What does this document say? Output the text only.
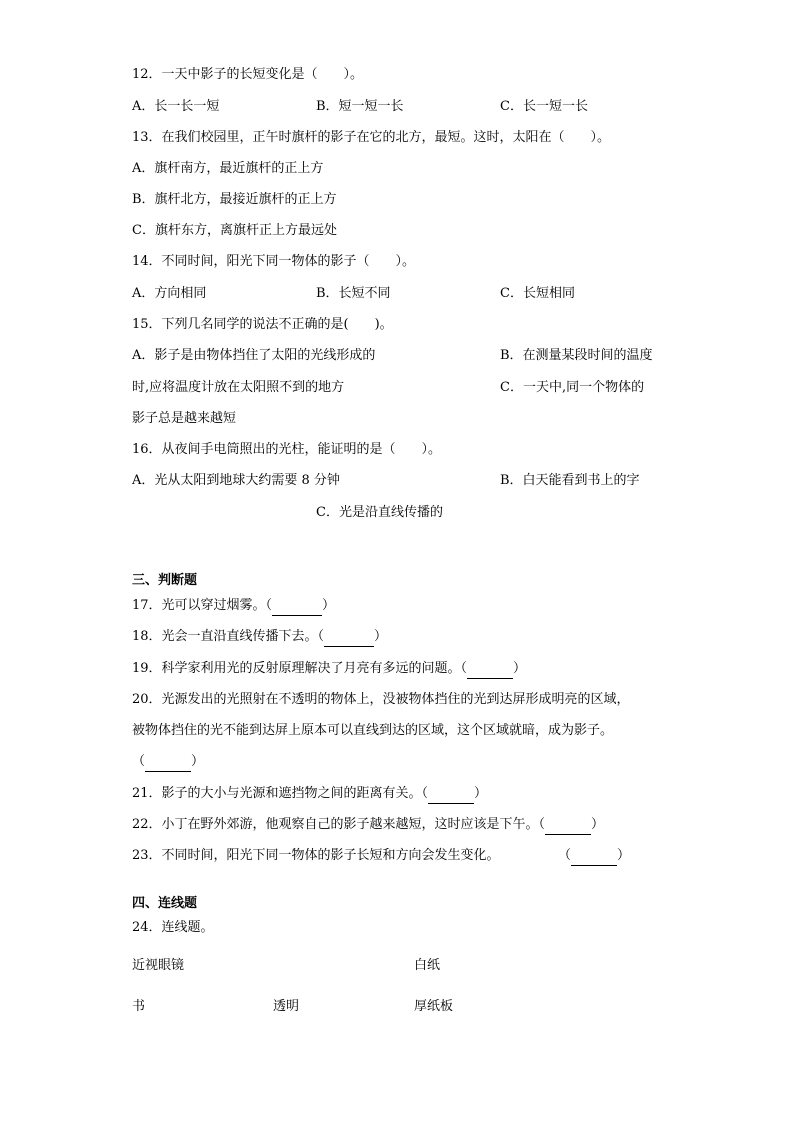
12．一天中影子的长短变化是（　　）。
A．长一长一短	B．短一短一长	C．长一短一长
13．在我们校园里，正午时旗杆的影子在它的北方，最短。这时，太阳在（　　）。
A．旗杆南方，最近旗杆的正上方
B．旗杆北方，最接近旗杆的正上方
C．旗杆东方，离旗杆正上方最远处
14．不同时间，阳光下同一物体的影子（　　）。
A．方向相同	B．长短不同	C．长短相同
15．下列几名同学的说法不正确的是(　　)。
A．影子是由物体挡住了太阳的光线形成的	B．在测量某段时间的温度
时,应将温度计放在太阳照不到的地方	C．一天中,同一个物体的
影子总是越来越短
16．从夜间手电筒照出的光柱，能证明的是（　　）。
A．光从太阳到地球大约需要 8 分钟	B．白天能看到书上的字
C．光是沿直线传播的
三、判断题
17．光可以穿过烟雾。（	）
18．光会一直沿直线传播下去。（	）
19．科学家利用光的反射原理解决了月亮有多远的问题。（	）
20．光源发出的光照射在不透明的物体上，没被物体挡住的光到达屏形成明亮的区域，
被物体挡住的光不能到达屏上原本可以直线到达的区域，这个区域就暗，成为影子。
（	）
21．影子的大小与光源和遮挡物之间的距离有关。（	）
22．小丁在野外郊游，他观察自己的影子越来越短，这时应该是下午。（	）
23．不同时间，阳光下同一物体的影子长短和方向会发生变化。	（	）
四、连线题
24．连线题。
近视眼镜	白纸
书	透明	厚纸板
